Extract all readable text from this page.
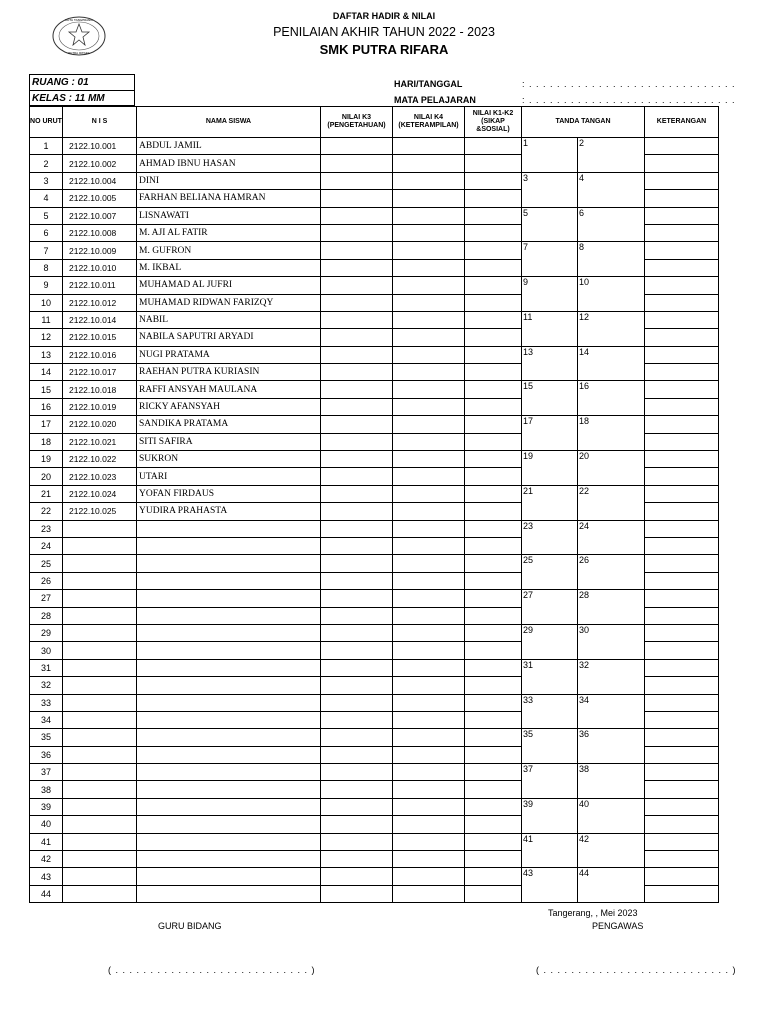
KOTA TANGERANG
PUTRA RIFARA
DAFTAR HADIR & NILAI
PENILAIAN AKHIR TAHUN 2022 - 2023
SMK PUTRA RIFARA
RUANG : 01
KELAS : 11 MM
HARI/TANGGAL	: . . . . . . . . . . . . . . . . . . . . . . . . . . . . . .
MATA PELAJARAN	: . . . . . . . . . . . . . . . . . . . . . . . . . . . . . .
NO URUT	N I S	NAMA SISWA	NILAI K3 (PENGETAHUAN)	NILAI K4 (KETERAMPILAN)	NILAI K1-K2 (SIKAP &SOSIAL)	TANDA TANGAN		KETERANGAN
1	2122.10.001	ABDUL JAMIL				1	2	

2	2122.10.002	AHMAD IBNU HASAN						
3	2122.10.004	DINI				3	4	

4	2122.10.005	FARHAN BELIANA HAMRAN						
5	2122.10.007	LISNAWATI				5	6	

6	2122.10.008	M. AJI AL FATIR						
7	2122.10.009	M. GUFRON				7	8	

8	2122.10.010	M. IKBAL						
9	2122.10.011	MUHAMAD AL JUFRI				9	10	

10	2122.10.012	MUHAMAD RIDWAN FARIZQY						
11	2122.10.014	NABIL				11	12	

12	2122.10.015	NABILA SAPUTRI ARYADI						
13	2122.10.016	NUGI PRATAMA				13	14	

14	2122.10.017	RAEHAN PUTRA KURIASIN						
15	2122.10.018	RAFFI ANSYAH MAULANA				15	16	

16	2122.10.019	RICKY AFANSYAH						
17	2122.10.020	SANDIKA PRATAMA				17	18	

18	2122.10.021	SITI SAFIRA						
19	2122.10.022	SUKRON				19	20	

20	2122.10.023	UTARI						
21	2122.10.024	YOFAN FIRDAUS				21	22	

22	2122.10.025	YUDIRA PRAHASTA						
23						23	24	

24								
25						25	26	

26								
27						27	28	

28								
29						29	30	

30								
31						31	32	

32								
33						33	34	

34								
35						35	36	

36								
37						37	38	

38								
39						39	40	

40								
41						41	42	

42								
43						43	44	

44								
Tangerang, , Mei 2023
GURU BIDANG	PENGAWAS
( . . . . . . . . . . . . . . . . . . . . . . . . . . . . )	( . . . . . . . . . . . . . . . . . . . . . . . . . . . )
